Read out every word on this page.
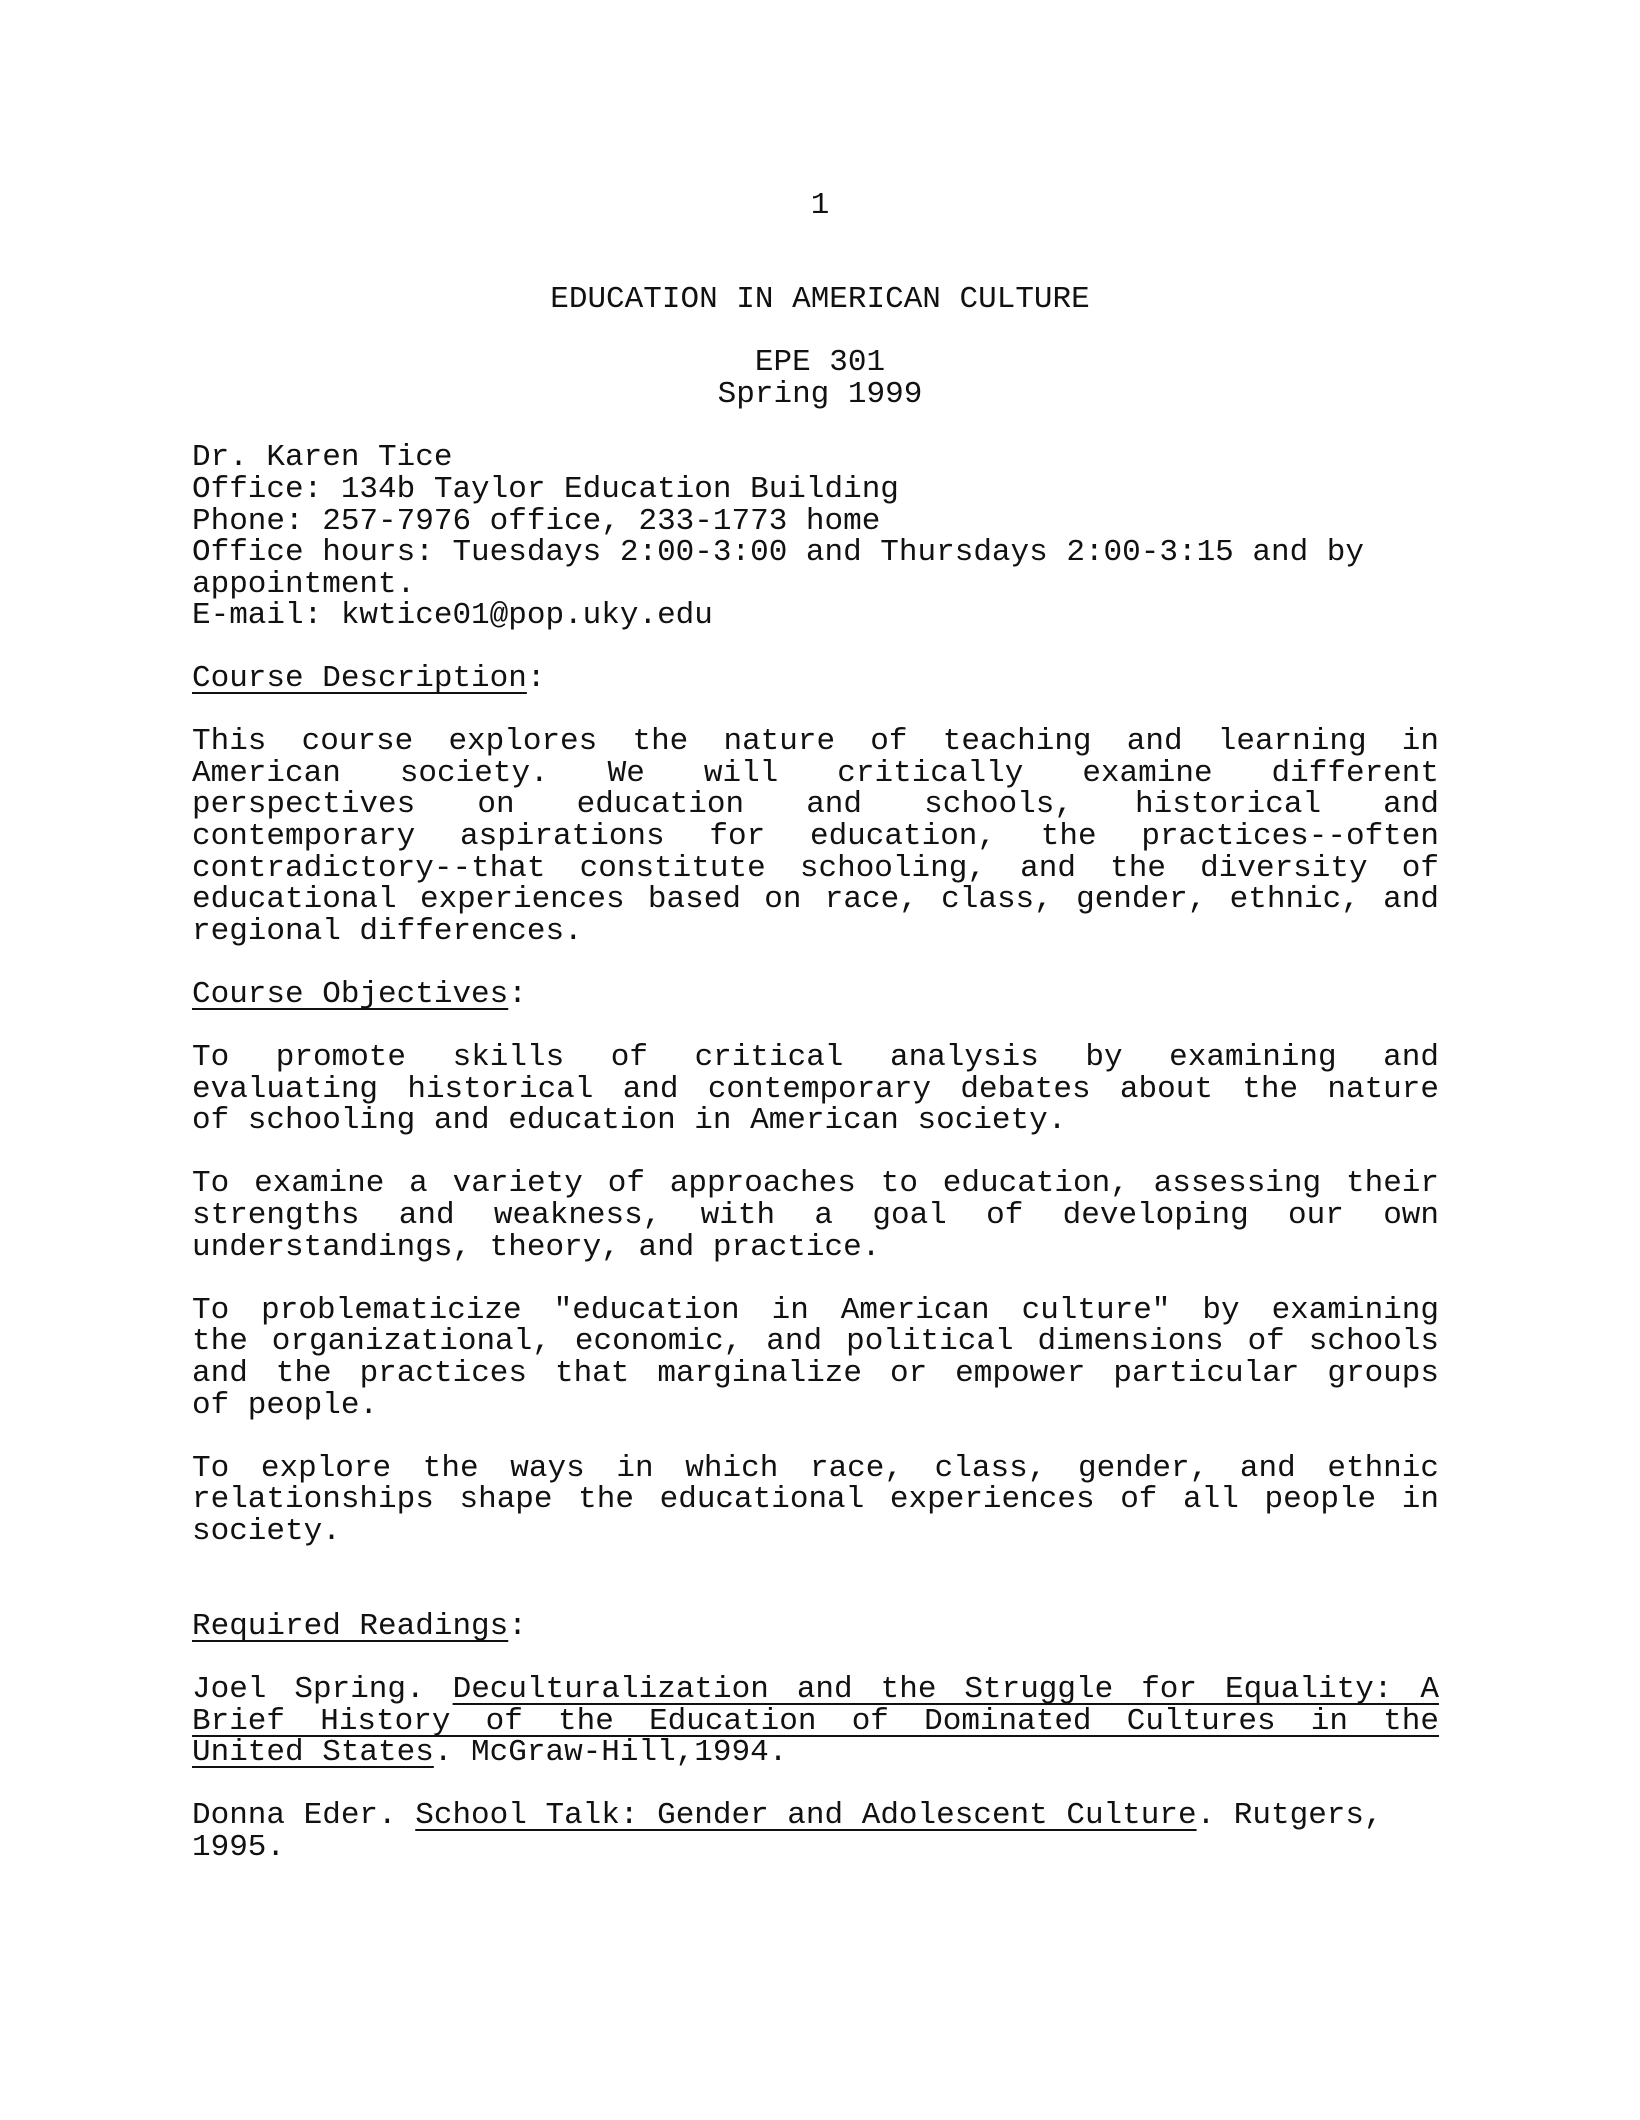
1
EDUCATION IN AMERICAN CULTURE
EPE 301
Spring 1999
Dr. Karen Tice
Office: 134b Taylor Education Building
Phone: 257-7976 office, 233-1773 home
Office hours: Tuesdays 2:00-3:00 and Thursdays 2:00-3:15 and by
appointment.
E-mail: kwtice01@pop.uky.edu
Course Description:
This course explores the nature of teaching and learning in
American society. We will critically examine different
perspectives on education and schools, historical and
contemporary aspirations for education, the practices--often
contradictory--that constitute schooling, and the diversity of
educational experiences based on race, class, gender, ethnic, and
regional differences.
Course Objectives:
To promote skills of critical analysis by examining and
evaluating historical and contemporary debates about the nature
of schooling and education in American society.
To examine a variety of approaches to education, assessing their
strengths and weakness, with a goal of developing our own
understandings, theory, and practice.
To problematicize "education in American culture" by examining
the organizational, economic, and political dimensions of schools
and the practices that marginalize or empower particular groups
of people.
To explore the ways in which race, class, gender, and ethnic
relationships shape the educational experiences of all people in
society.
Required Readings:
Joel Spring. Deculturalization and the Struggle for Equality: A
Brief History of the Education of Dominated Cultures in the
United States. McGraw-Hill,1994.
Donna Eder. School Talk: Gender and Adolescent Culture. Rutgers,
1995.
